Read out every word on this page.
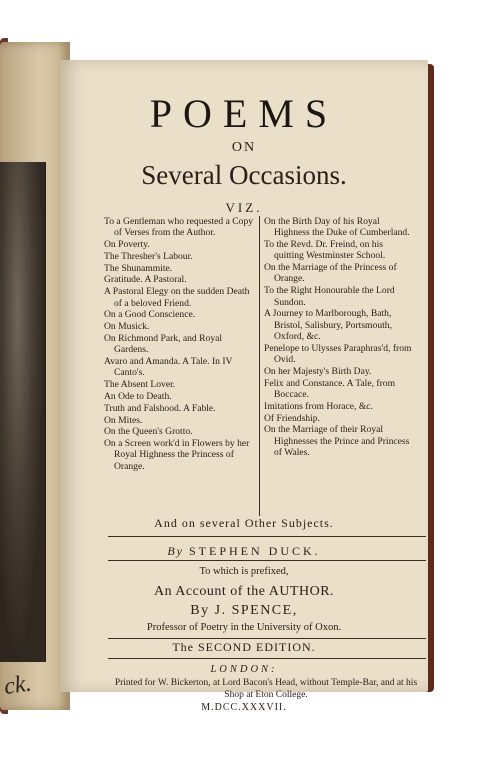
ck.
POEMS
ON
Several Occasions.
VIZ.
To a Gentleman who requested a Copy of Verses from the Author.
On Poverty.
The Thresher's Labour.
The Shunammite.
Gratitude. A Pastoral.
A Pastoral Elegy on the sudden Death of a beloved Friend.
On a Good Conscience.
On Musick.
On Richmond Park, and Royal Gardens.
Avaro and Amanda. A Tale. In IV Canto's.
The Absent Lover.
An Ode to Death.
Truth and Falshood. A Fable.
On Mites.
On the Queen's Grotto.
On a Screen work'd in Flowers by her Royal Highness the Princess of Orange.
On the Birth Day of his Royal Highness the Duke of Cumberland.
To the Revd. Dr. Freind, on his quitting Westminster School.
On the Marriage of the Princess of Orange.
To the Right Honourable the Lord Sundon.
A Journey to Marlborough, Bath, Bristol, Salisbury, Portsmouth, Oxford, &c.
Penelope to Ulysses Paraphras'd, from Ovid.
On her Majesty's Birth Day.
Felix and Constance. A Tale, from Boccace.
Imitations from Horace, &c.
Of Friendship.
On the Marriage of their Royal Highnesses the Prince and Princess of Wales.
And on several Other Subjects.
By STEPHEN DUCK.
To which is prefixed,
An Account of the AUTHOR.
By J. SPENCE,
Professor of Poetry in the University of Oxon.
The SECOND EDITION.
LONDON:
Printed for W. Bickerton, at Lord Bacon's Head, without Temple-Bar, and at his Shop at Eton College.
M.DCC.XXXVII.
